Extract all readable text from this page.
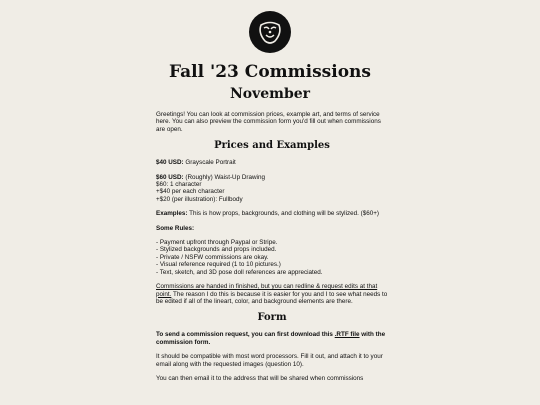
Fall '23 Commissions
November

Greetings! You can look at commission prices, example art, and terms of service here. You can also preview the commission form you'd fill out when commissions are open.

Prices and Examples

$40 USD: Grayscale Portrait

$60 USD: (Roughly) Waist-Up Drawing
$60: 1 character
+$40 per each character
+$20 (per illustration): Fullbody

Examples: This is how props, backgrounds, and clothing will be stylized. ($60+)

Some Rules:

- Payment upfront through Paypal or Stripe.
- Stylized backgrounds and props included.
- Private / NSFW commissions are okay.
- Visual reference required (1 to 10 pictures.)
- Text, sketch, and 3D pose doll references are appreciated.

Commissions are handed in finished, but you can redline & request edits at that point. The reason I do this is because it is easier for you and I to see what needs to be edited if all of the lineart, color, and background elements are there.

Form

To send a commission request, you can first download this .RTF file with the commission form.

It should be compatible with most word processors. Fill it out, and attach it to your email along with the requested images (question 10).

You can then email it to the address that will be shared when commissions
